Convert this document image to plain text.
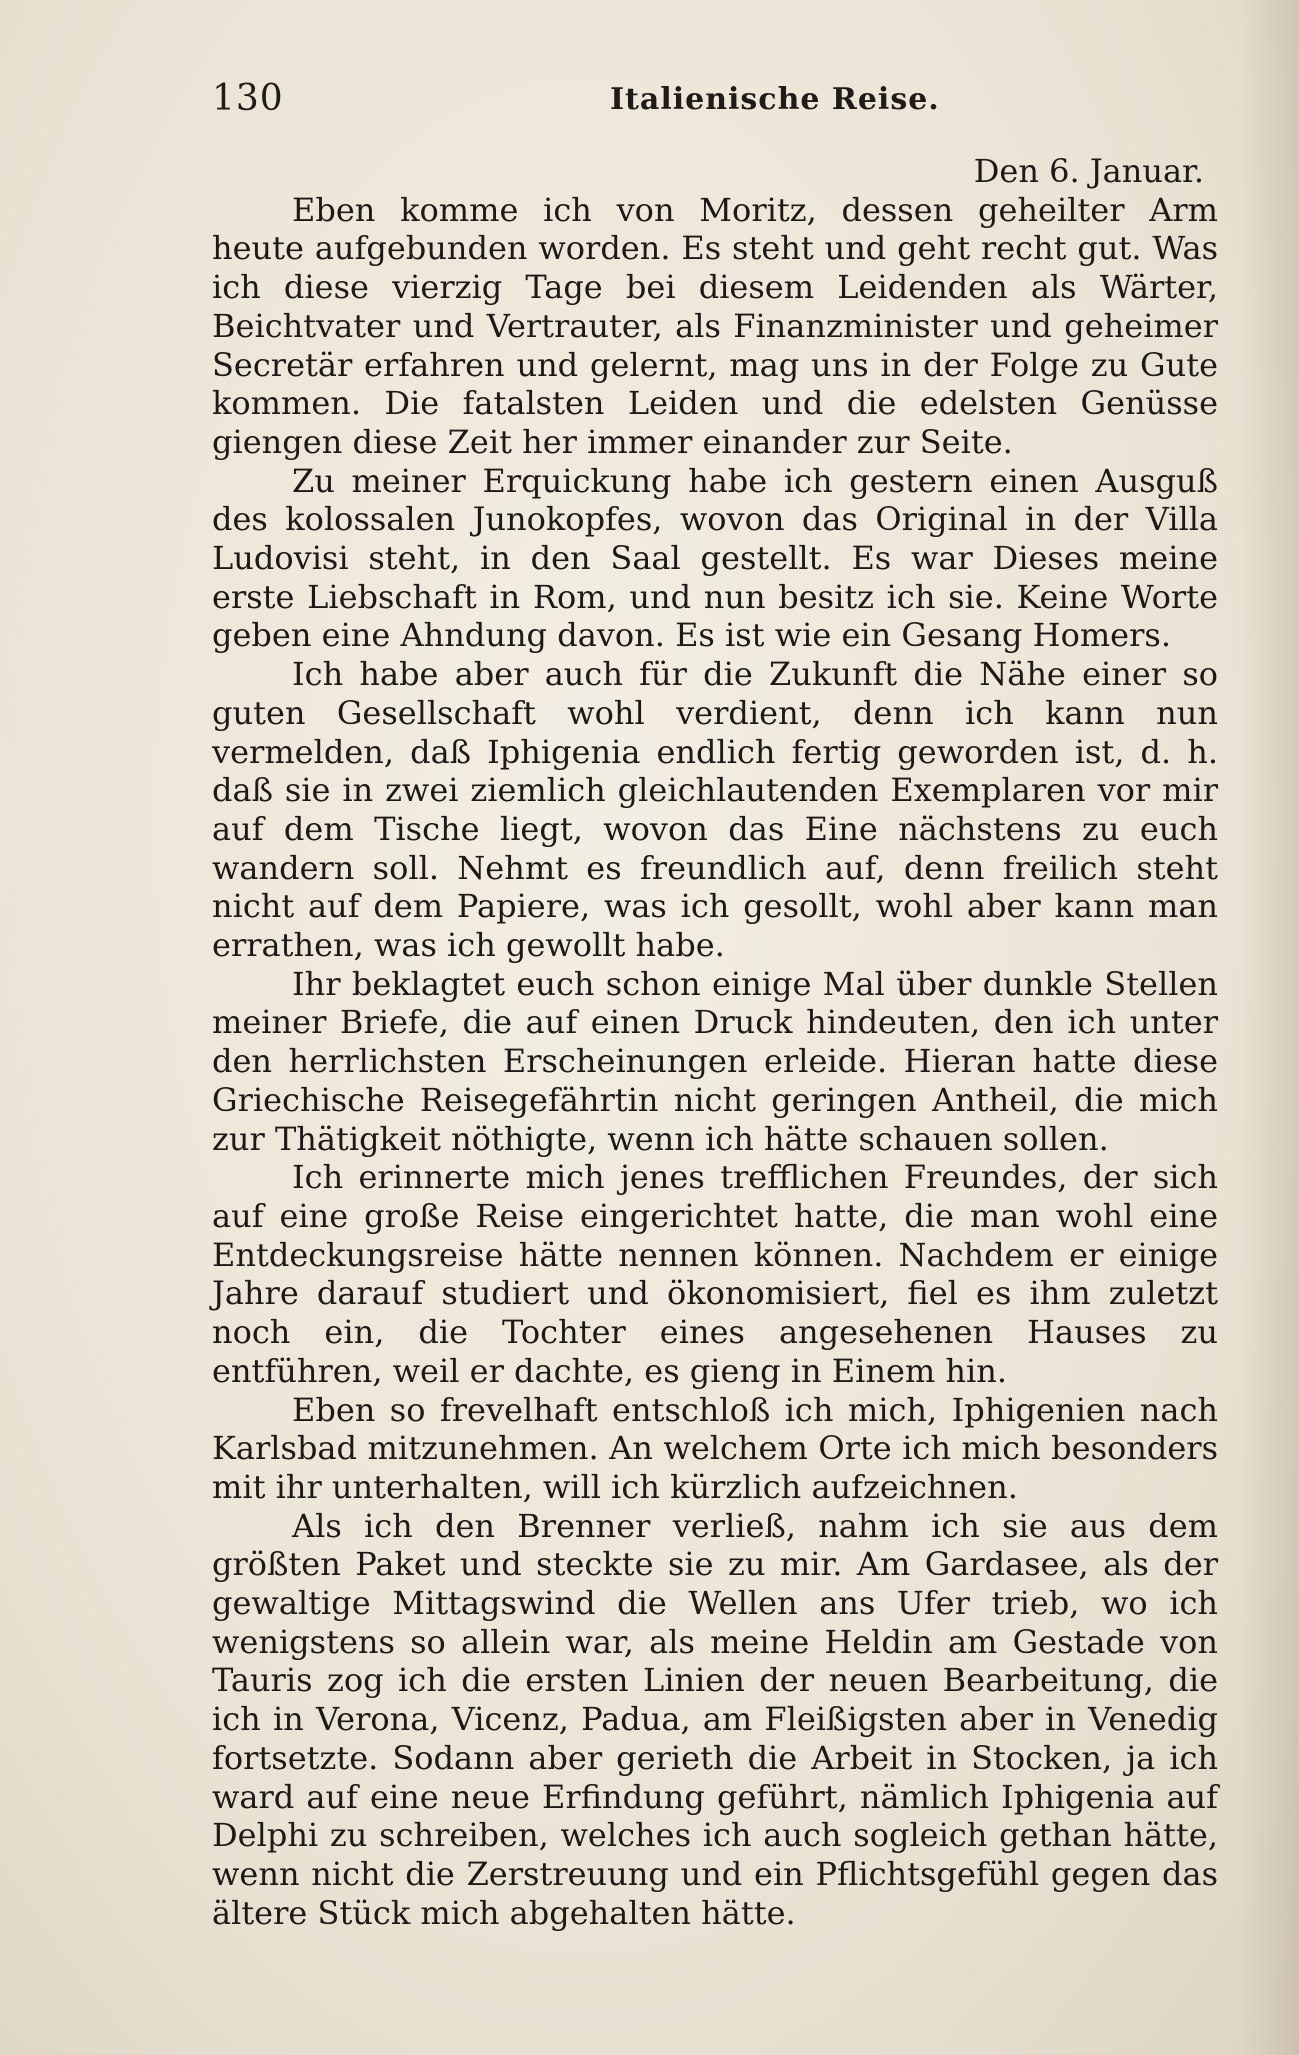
130	Italienische Reise.

Den 6. Januar.

Eben komme ich von Moritz, dessen geheilter Arm heute aufgebunden worden. Es steht und geht recht gut. Was ich diese vierzig Tage bei diesem Leidenden als Wärter, Beichtvater und Vertrauter, als Finanzminister und geheimer Secretär erfahren und gelernt, mag uns in der Folge zu Gute kommen. Die fatalsten Leiden und die edelsten Genüsse giengen diese Zeit her immer einander zur Seite.

Zu meiner Erquickung habe ich gestern einen Ausguß des kolossalen Junokopfes, wovon das Original in der Villa Ludovisi steht, in den Saal gestellt. Es war Dieses meine erste Liebschaft in Rom, und nun besitz ich sie. Keine Worte geben eine Ahndung davon. Es ist wie ein Gesang Homers.

Ich habe aber auch für die Zukunft die Nähe einer so guten Gesellschaft wohl verdient, denn ich kann nun vermelden, daß Iphigenia endlich fertig geworden ist, d. h. daß sie in zwei ziemlich gleichlautenden Exemplaren vor mir auf dem Tische liegt, wovon das Eine nächstens zu euch wandern soll. Nehmt es freundlich auf, denn freilich steht nicht auf dem Papiere, was ich gesollt, wohl aber kann man errathen, was ich gewollt habe.

Ihr beklagtet euch schon einige Mal über dunkle Stellen meiner Briefe, die auf einen Druck hindeuten, den ich unter den herrlichsten Erscheinungen erleide. Hieran hatte diese Griechische Reisegefährtin nicht geringen Antheil, die mich zur Thätigkeit nöthigte, wenn ich hätte schauen sollen.

Ich erinnerte mich jenes trefflichen Freundes, der sich auf eine große Reise eingerichtet hatte, die man wohl eine Entdeckungsreise hätte nennen können. Nachdem er einige Jahre darauf studiert und ökonomisiert, fiel es ihm zuletzt noch ein, die Tochter eines angesehenen Hauses zu entführen, weil er dachte, es gieng in Einem hin.

Eben so frevelhaft entschloß ich mich, Iphigenien nach Karlsbad mitzunehmen. An welchem Orte ich mich besonders mit ihr unterhalten, will ich kürzlich aufzeichnen.

Als ich den Brenner verließ, nahm ich sie aus dem größten Paket und steckte sie zu mir. Am Gardasee, als der gewaltige Mittagswind die Wellen ans Ufer trieb, wo ich wenigstens so allein war, als meine Heldin am Gestade von Tauris zog ich die ersten Linien der neuen Bearbeitung, die ich in Verona, Vicenz, Padua, am Fleißigsten aber in Venedig fortsetzte. Sodann aber gerieth die Arbeit in Stocken, ja ich ward auf eine neue Erfindung geführt, nämlich Iphigenia auf Delphi zu schreiben, welches ich auch sogleich gethan hätte, wenn nicht die Zerstreuung und ein Pflichtsgefühl gegen das ältere Stück mich abgehalten hätte.
